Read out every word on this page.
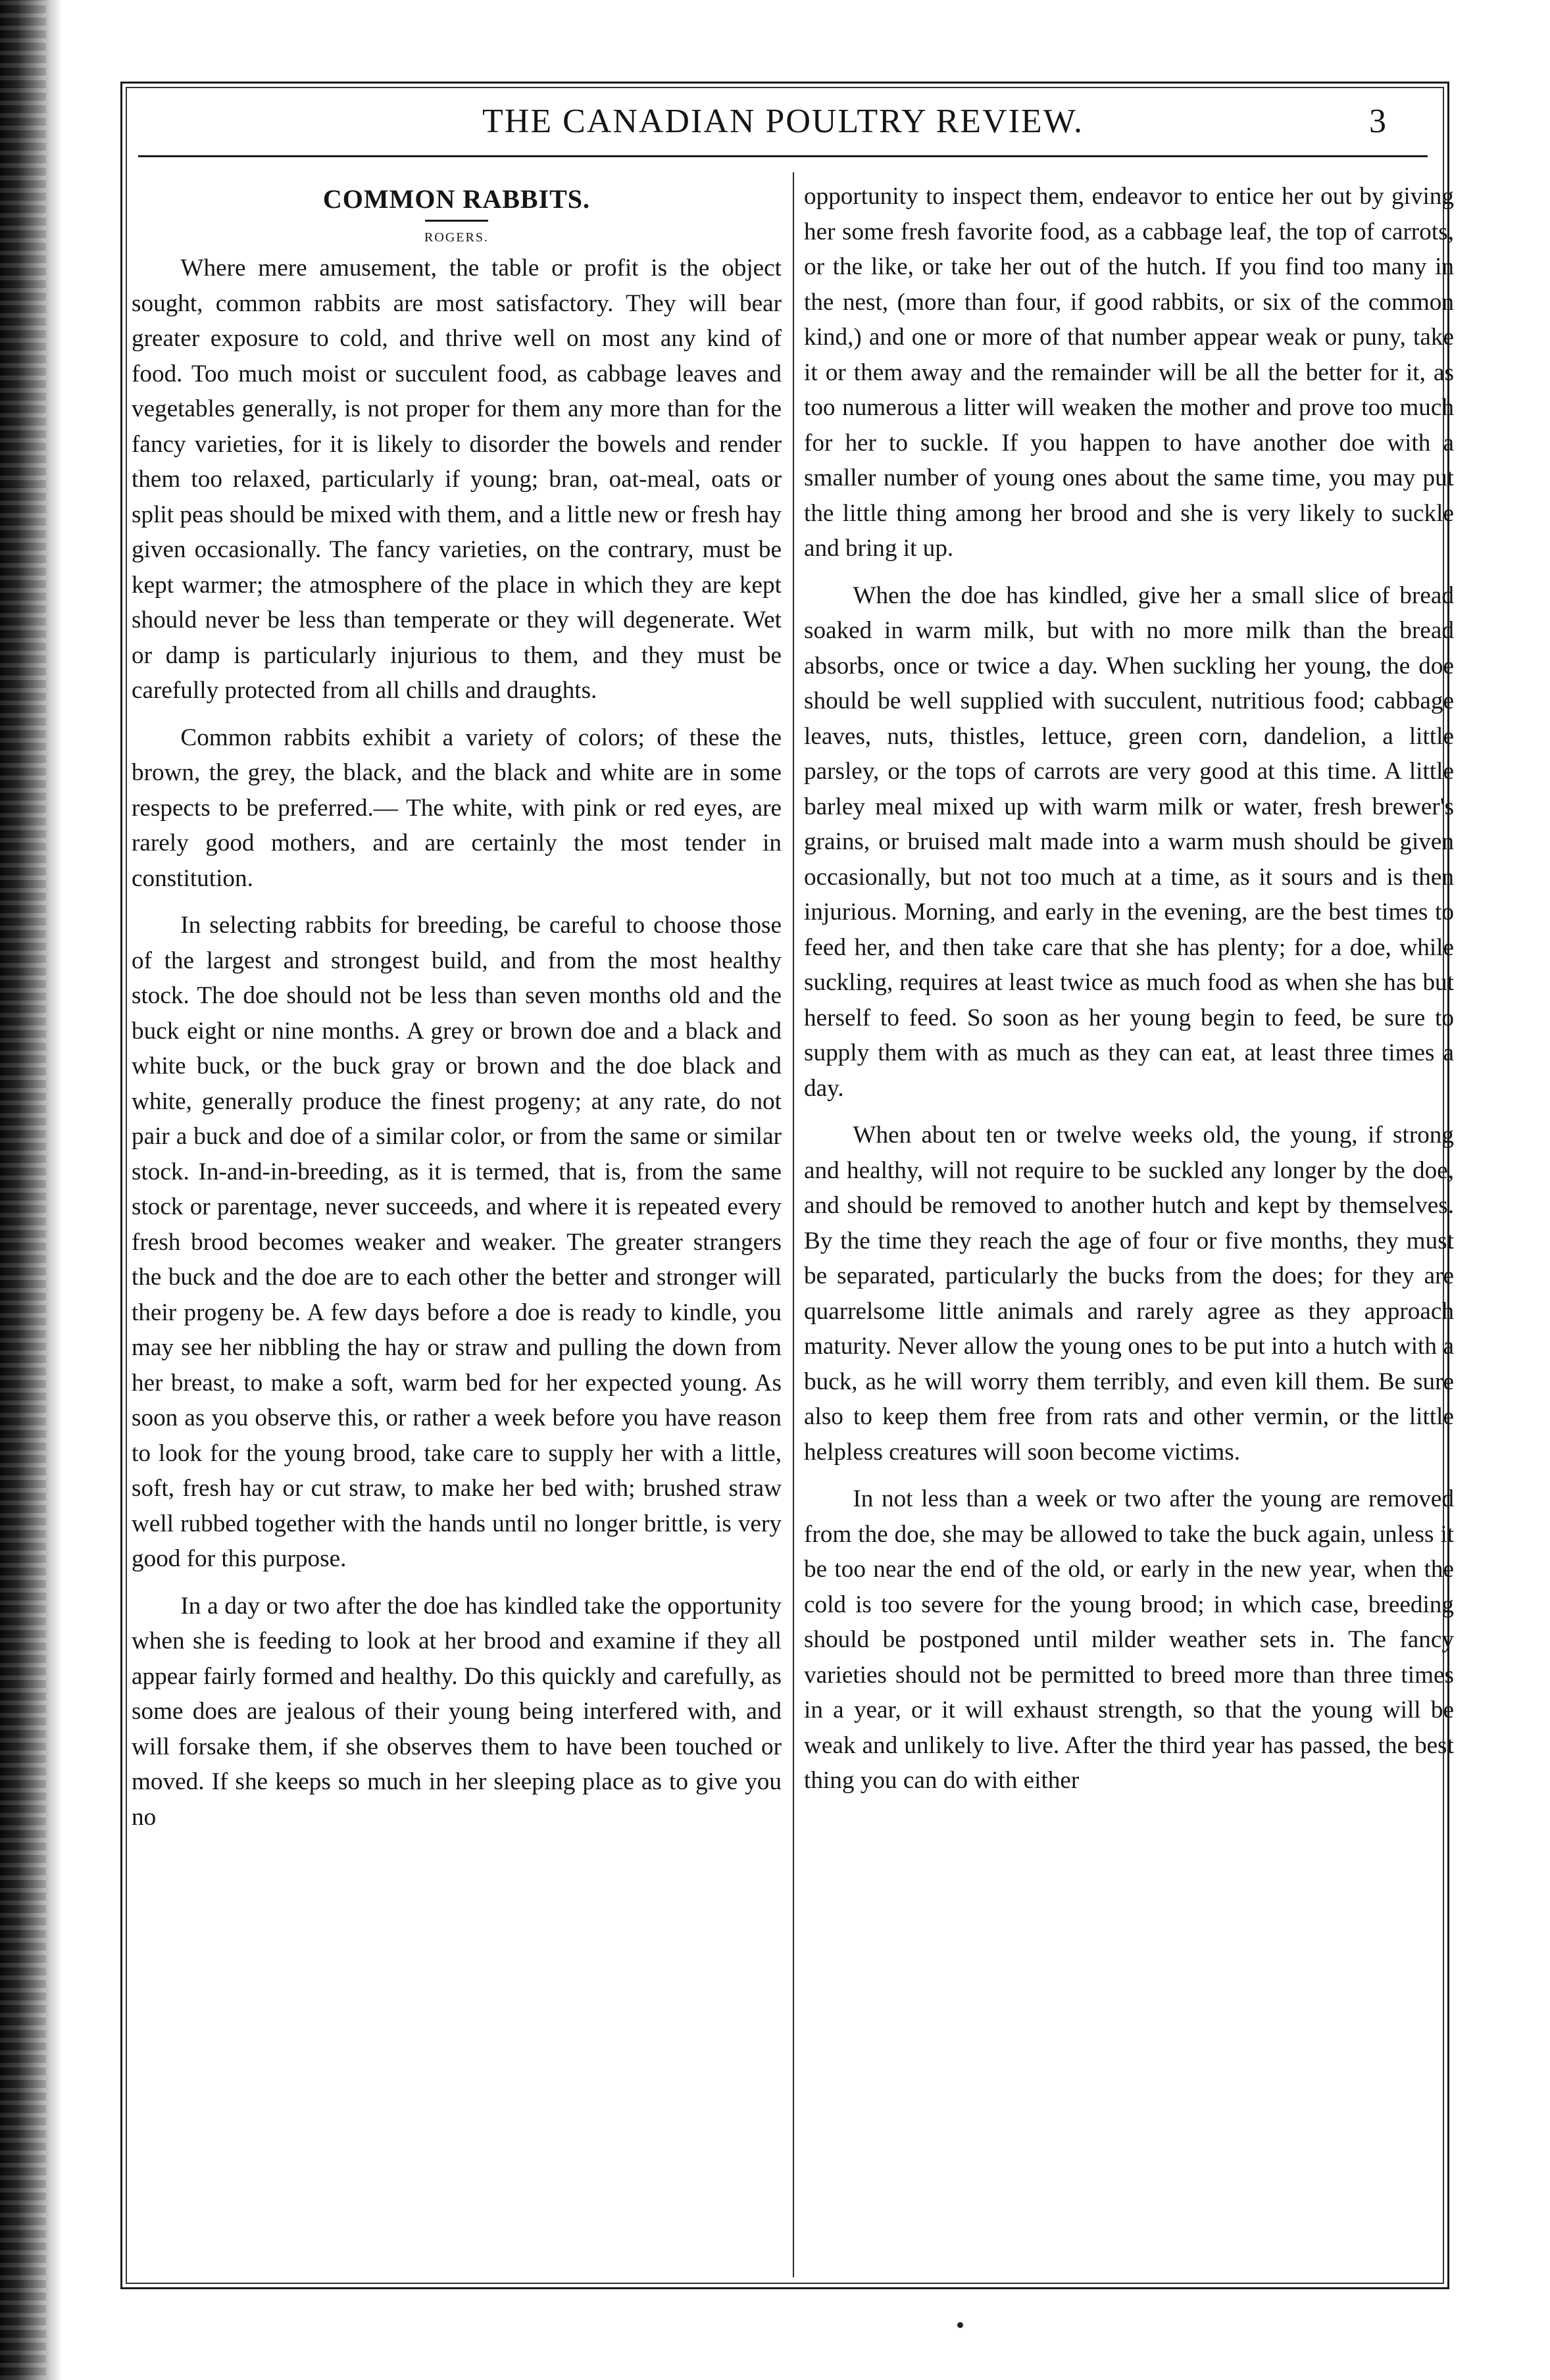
THE CANADIAN POULTRY REVIEW.	3
COMMON RABBITS.
ROGERS.

Where mere amusement, the table or profit is the object sought, common rabbits are most satisfactory. They will bear greater exposure to cold, and thrive well on most any kind of food. Too much moist or succulent food, as cabbage leaves and vegetables generally, is not proper for them any more than for the fancy varieties, for it is likely to disorder the bowels and render them too relaxed, particularly if young; bran, oat-meal, oats or split peas should be mixed with them, and a little new or fresh hay given occasionally. The fancy varieties, on the contrary, must be kept warmer; the atmosphere of the place in which they are kept should never be less than temperate or they will degenerate. Wet or damp is particularly injurious to them, and they must be carefully protected from all chills and draughts.

Common rabbits exhibit a variety of colors; of these the brown, the grey, the black, and the black and white are in some respects to be preferred.— The white, with pink or red eyes, are rarely good mothers, and are certainly the most tender in constitution.

In selecting rabbits for breeding, be careful to choose those of the largest and strongest build, and from the most healthy stock. The doe should not be less than seven months old and the buck eight or nine months. A grey or brown doe and a black and white buck, or the buck gray or brown and the doe black and white, generally produce the finest progeny; at any rate, do not pair a buck and doe of a similar color, or from the same or similar stock. In-and-in-breeding, as it is termed, that is, from the same stock or parentage, never succeeds, and where it is repeated every fresh brood becomes weaker and weaker. The greater strangers the buck and the doe are to each other the better and stronger will their progeny be. A few days before a doe is ready to kindle, you may see her nibbling the hay or straw and pulling the down from her breast, to make a soft, warm bed for her expected young. As soon as you observe this, or rather a week before you have reason to look for the young brood, take care to supply her with a little, soft, fresh hay or cut straw, to make her bed with; brushed straw well rubbed together with the hands until no longer brittle, is very good for this purpose.

In a day or two after the doe has kindled take the opportunity when she is feeding to look at her brood and examine if they all appear fairly formed and healthy. Do this quickly and carefully, as some does are jealous of their young being interfered with, and will forsake them, if she observes them to have been touched or moved. If she keeps so much in her sleeping place as to give you no

opportunity to inspect them, endeavor to entice her out by giving her some fresh favorite food, as a cabbage leaf, the top of carrots, or the like, or take her out of the hutch. If you find too many in the nest, (more than four, if good rabbits, or six of the common kind,) and one or more of that number appear weak or puny, take it or them away and the remainder will be all the better for it, as too numerous a litter will weaken the mother and prove too much for her to suckle. If you happen to have another doe with a smaller number of young ones about the same time, you may put the little thing among her brood and she is very likely to suckle and bring it up.

When the doe has kindled, give her a small slice of bread soaked in warm milk, but with no more milk than the bread absorbs, once or twice a day. When suckling her young, the doe should be well supplied with succulent, nutritious food; cabbage leaves, nuts, thistles, lettuce, green corn, dandelion, a little parsley, or the tops of carrots are very good at this time. A little barley meal mixed up with warm milk or water, fresh brewer's grains, or bruised malt made into a warm mush should be given occasionally, but not too much at a time, as it sours and is then injurious. Morning, and early in the evening, are the best times to feed her, and then take care that she has plenty; for a doe, while suckling, requires at least twice as much food as when she has but herself to feed. So soon as her young begin to feed, be sure to supply them with as much as they can eat, at least three times a day.

When about ten or twelve weeks old, the young, if strong and healthy, will not require to be suckled any longer by the doe, and should be removed to another hutch and kept by themselves. By the time they reach the age of four or five months, they must be separated, particularly the bucks from the does; for they are quarrelsome little animals and rarely agree as they approach maturity. Never allow the young ones to be put into a hutch with a buck, as he will worry them terribly, and even kill them. Be sure also to keep them free from rats and other vermin, or the little helpless creatures will soon become victims.

In not less than a week or two after the young are removed from the doe, she may be allowed to take the buck again, unless it be too near the end of the old, or early in the new year, when the cold is too severe for the young brood; in which case, breeding should be postponed until milder weather sets in. The fancy varieties should not be permitted to breed more than three times in a year, or it will exhaust strength, so that the young will be weak and unlikely to live. After the third year has passed, the best thing you can do with either
